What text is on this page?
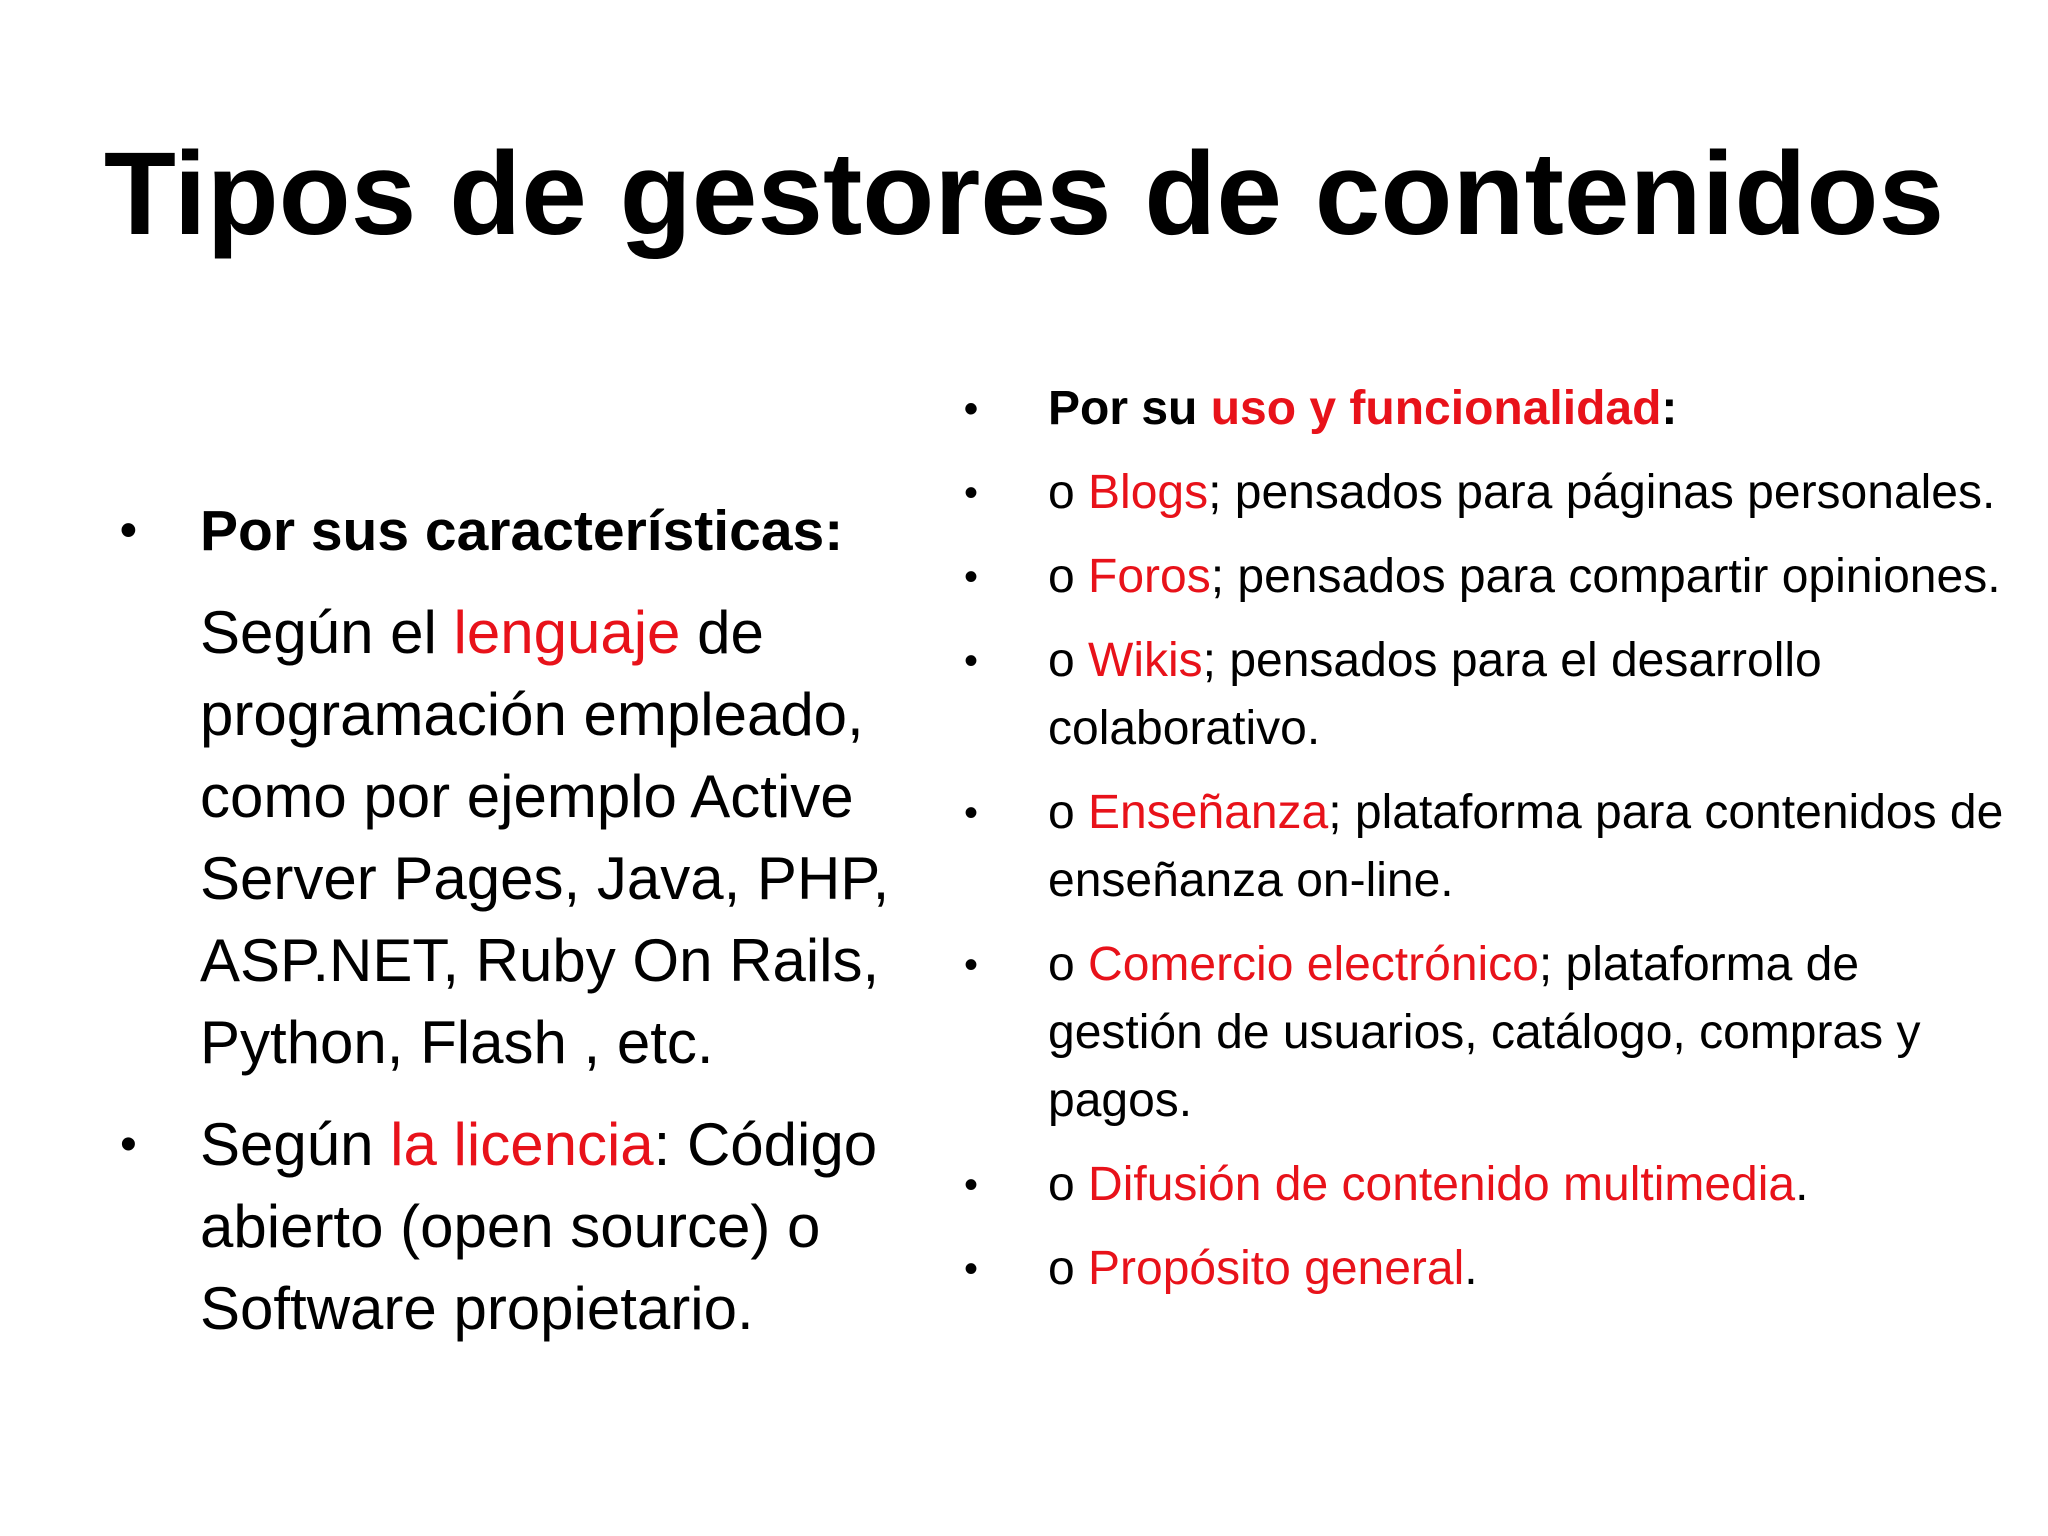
Tipos de gestores de contenidos
• Por sus características:
Según el lenguaje de programación empleado, como por ejemplo Active Server Pages, Java, PHP, ASP.NET, Ruby On Rails, Python, Flash , etc.
• Según la licencia: Código abierto (open source) o Software propietario.
• Por su uso y funcionalidad:
• o Blogs; pensados para páginas personales.
• o Foros; pensados para compartir opiniones.
• o Wikis; pensados para el desarrollo colaborativo.
• o Enseñanza; plataforma para contenidos de enseñanza on-line.
• o Comercio electrónico; plataforma de gestión de usuarios, catálogo, compras y pagos.
• o Difusión de contenido multimedia.
• o Propósito general.
